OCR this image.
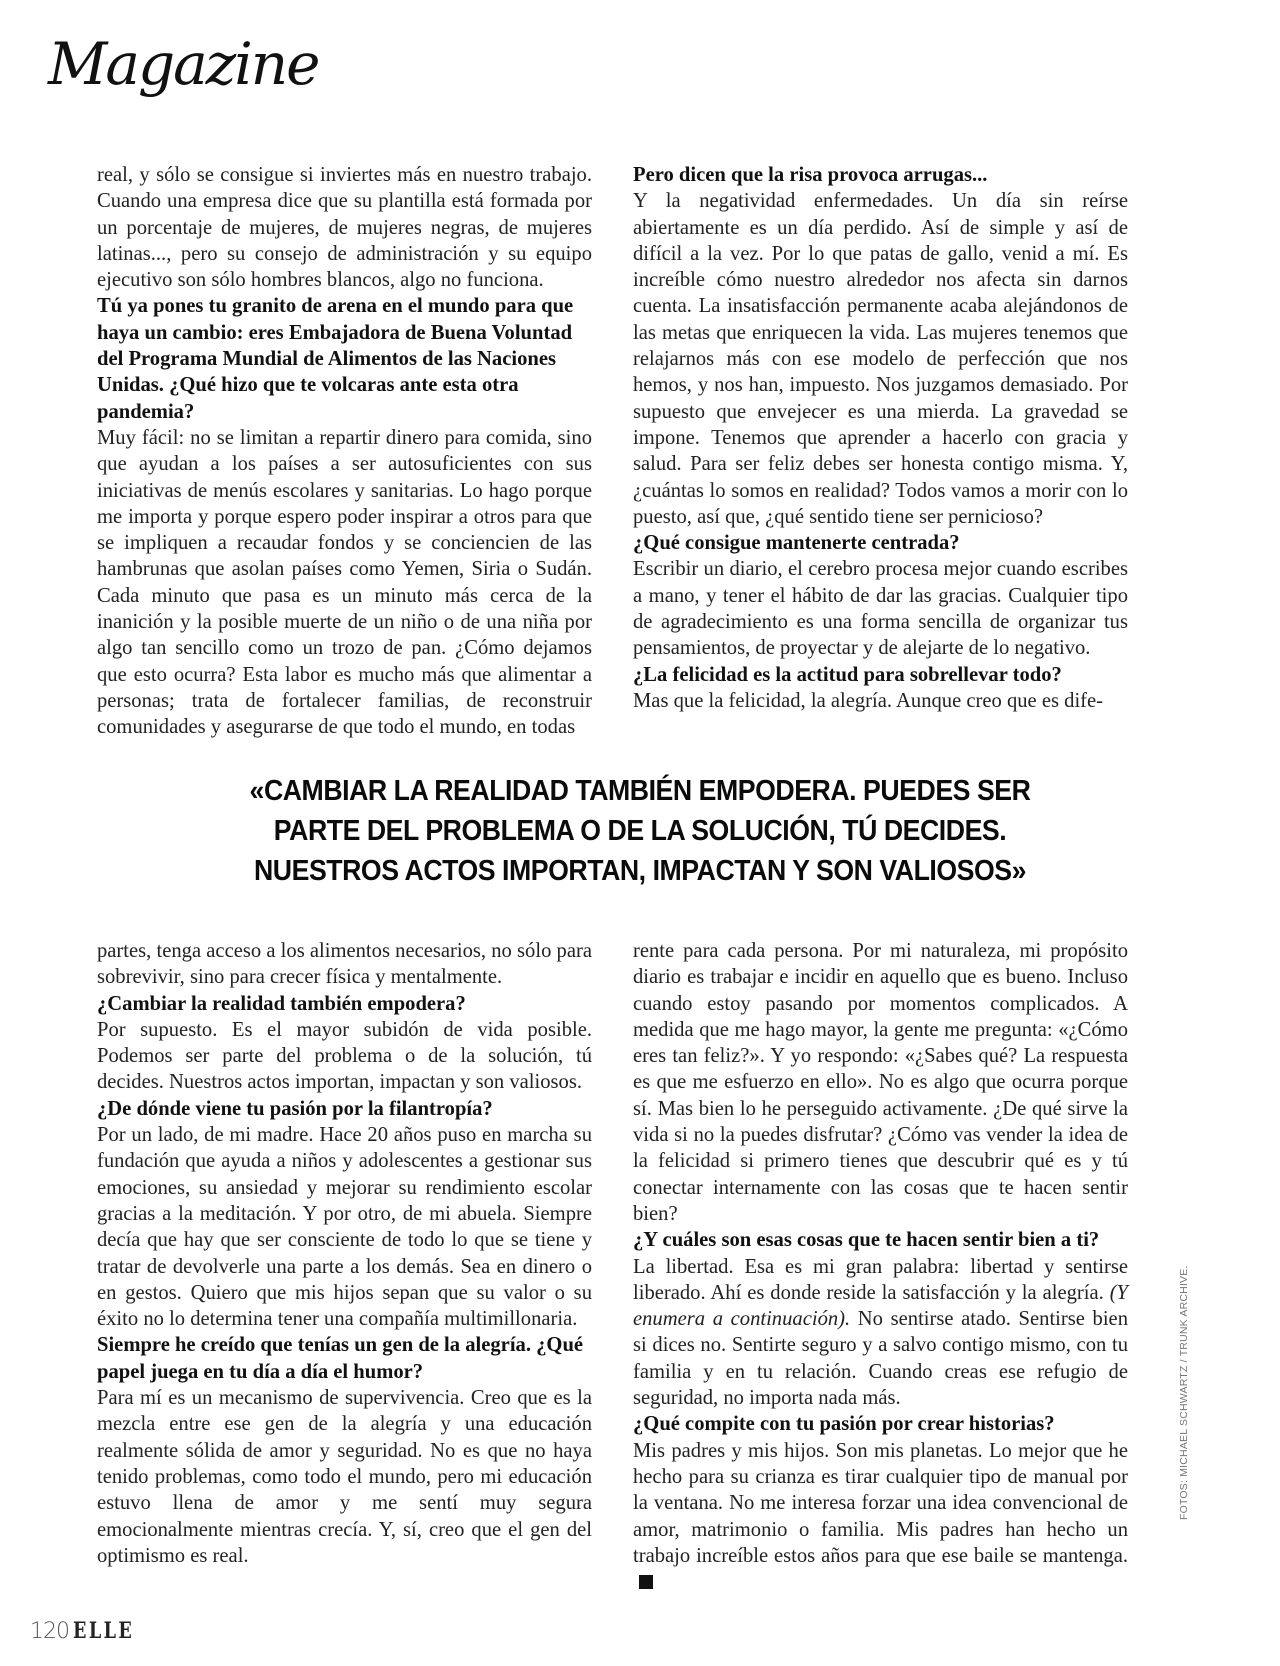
Magazine

real, y sólo se consigue si inviertes más en nuestro trabajo. Cuando una empresa dice que su plantilla está formada por un porcentaje de mujeres, de mujeres negras, de mujeres latinas..., pero su consejo de administración y su equipo ejecutivo son sólo hombres blancos, algo no funciona.

Tú ya pones tu granito de arena en el mundo para que haya un cambio: eres Embajadora de Buena Voluntad del Programa Mundial de Alimentos de las Naciones Unidas. ¿Qué hizo que te volcaras ante esta otra pandemia?

Muy fácil: no se limitan a repartir dinero para comida, sino que ayudan a los países a ser autosuficientes con sus iniciativas de menús escolares y sanitarias. Lo hago porque me importa y porque espero poder inspirar a otros para que se impliquen a recaudar fondos y se conciencien de las hambrunas que asolan países como Yemen, Siria o Sudán. Cada minuto que pasa es un minuto más cerca de la inanición y la posible muerte de un niño o de una niña por algo tan sencillo como un trozo de pan. ¿Cómo dejamos que esto ocurra? Esta labor es mucho más que alimentar a personas; trata de fortalecer familias, de reconstruir comunidades y asegurarse de que todo el mundo, en todas

Pero dicen que la risa provoca arrugas...

Y la negatividad enfermedades. Un día sin reírse abiertamente es un día perdido. Así de simple y así de difícil a la vez. Por lo que patas de gallo, venid a mí. Es increíble cómo nuestro alrededor nos afecta sin darnos cuenta. La insatisfacción permanente acaba alejándonos de las metas que enriquecen la vida. Las mujeres tenemos que relajarnos más con ese modelo de perfección que nos hemos, y nos han, impuesto. Nos juzgamos demasiado. Por supuesto que envejecer es una mierda. La gravedad se impone. Tenemos que aprender a hacerlo con gracia y salud. Para ser feliz debes ser honesta contigo misma. Y, ¿cuántas lo somos en realidad? Todos vamos a morir con lo puesto, así que, ¿qué sentido tiene ser pernicioso?

¿Qué consigue mantenerte centrada?

Escribir un diario, el cerebro procesa mejor cuando escribes a mano, y tener el hábito de dar las gracias. Cualquier tipo de agradecimiento es una forma sencilla de organizar tus pensamientos, de proyectar y de alejarte de lo negativo.

¿La felicidad es la actitud para sobrellevar todo?

Mas que la felicidad, la alegría. Aunque creo que es dife-

«CAMBIAR LA REALIDAD TAMBIÉN EMPODERA. PUEDES SER
PARTE DEL PROBLEMA O DE LA SOLUCIÓN, TÚ DECIDES.
NUESTROS ACTOS IMPORTAN, IMPACTAN Y SON VALIOSOS»

partes, tenga acceso a los alimentos necesarios, no sólo para sobrevivir, sino para crecer física y mentalmente.

¿Cambiar la realidad también empodera?

Por supuesto. Es el mayor subidón de vida posible. Podemos ser parte del problema o de la solución, tú decides. Nuestros actos importan, impactan y son valiosos.

¿De dónde viene tu pasión por la filantropía?

Por un lado, de mi madre. Hace 20 años puso en marcha su fundación que ayuda a niños y adolescentes a gestionar sus emociones, su ansiedad y mejorar su rendimiento escolar gracias a la meditación. Y por otro, de mi abuela. Siempre decía que hay que ser consciente de todo lo que se tiene y tratar de devolverle una parte a los demás. Sea en dinero o en gestos. Quiero que mis hijos sepan que su valor o su éxito no lo determina tener una compañía multimillonaria.

Siempre he creído que tenías un gen de la alegría. ¿Qué papel juega en tu día a día el humor?

Para mí es un mecanismo de supervivencia. Creo que es la mezcla entre ese gen de la alegría y una educación realmente sólida de amor y seguridad. No es que no haya tenido problemas, como todo el mundo, pero mi educación estuvo llena de amor y me sentí muy segura emocionalmente mientras crecía. Y, sí, creo que el gen del optimismo es real.

rente para cada persona. Por mi naturaleza, mi propósito diario es trabajar e incidir en aquello que es bueno. Incluso cuando estoy pasando por momentos complicados. A medida que me hago mayor, la gente me pregunta: «¿Cómo eres tan feliz?». Y yo respondo: «¿Sabes qué? La respuesta es que me esfuerzo en ello». No es algo que ocurra porque sí. Mas bien lo he perseguido activamente. ¿De qué sirve la vida si no la puedes disfrutar? ¿Cómo vas vender la idea de la felicidad si primero tienes que descubrir qué es y tú conectar internamente con las cosas que te hacen sentir bien?

¿Y cuáles son esas cosas que te hacen sentir bien a ti?

La libertad. Esa es mi gran palabra: libertad y sentirse liberado. Ahí es donde reside la satisfacción y la alegría. (Y enumera a continuación). No sentirse atado. Sentirse bien si dices no. Sentirte seguro y a salvo contigo mismo, con tu familia y en tu relación. Cuando creas ese refugio de seguridad, no importa nada más.

¿Qué compite con tu pasión por crear historias?

Mis padres y mis hijos. Son mis planetas. Lo mejor que he hecho para su crianza es tirar cualquier tipo de manual por la ventana. No me interesa forzar una idea convencional de amor, matrimonio o familia. Mis padres han hecho un trabajo increíble estos años para que ese baile se mantenga.

FOTOS: MICHAEL SCHWARTZ / TRUNK ARCHIVE.
120 ELLE
